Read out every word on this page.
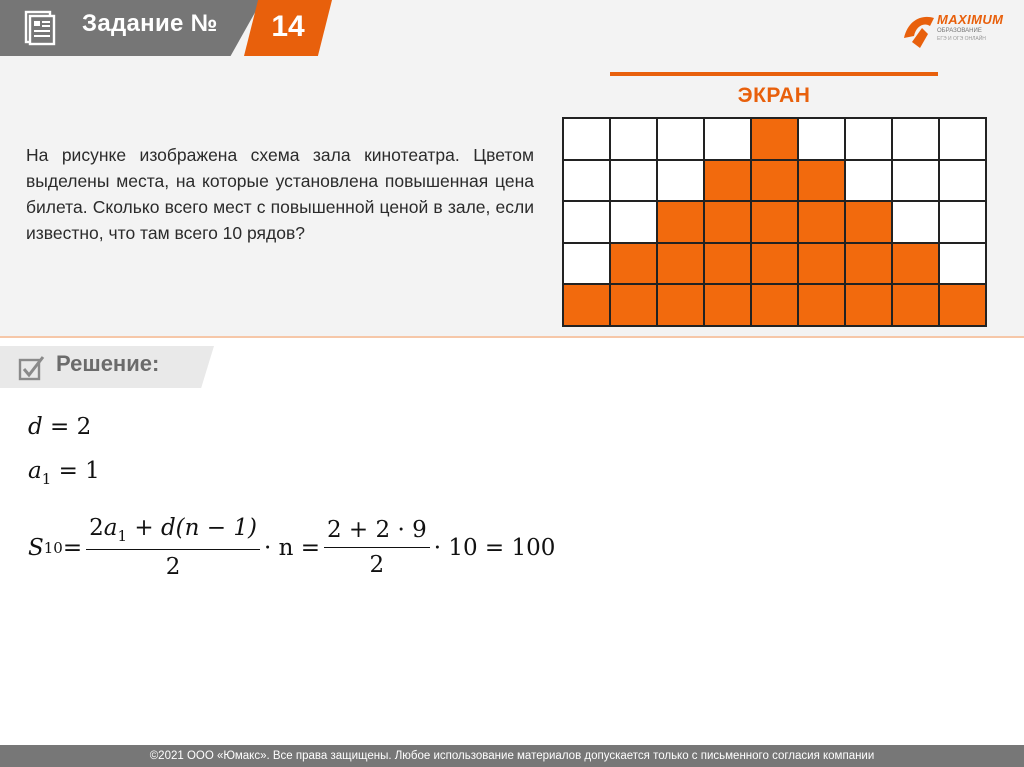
Задание №	14	MAXIMUM
ОБРАЗОВАНИЕ
ЕГЭ И ОГЭ ОНЛАЙН
На рисунке изображена схема зала кинотеатра. Цветом выделены места, на которые установлена повышенная цена билета. Сколько всего мест с повышенной ценой в зале, если известно, что там всего 10 рядов?
ЭКРАН
Решение:
d = 2
$a_1 = 1$
S $10 = \frac{2a_1 + d(n - 1)}{2} \cdot n = \frac{2 + 2 \cdot 9}{2} \cdot 10 = 100$
©2021 ООО «Юмакс». Все права защищены. Любое использование материалов допускается только с письменного согласия компании
